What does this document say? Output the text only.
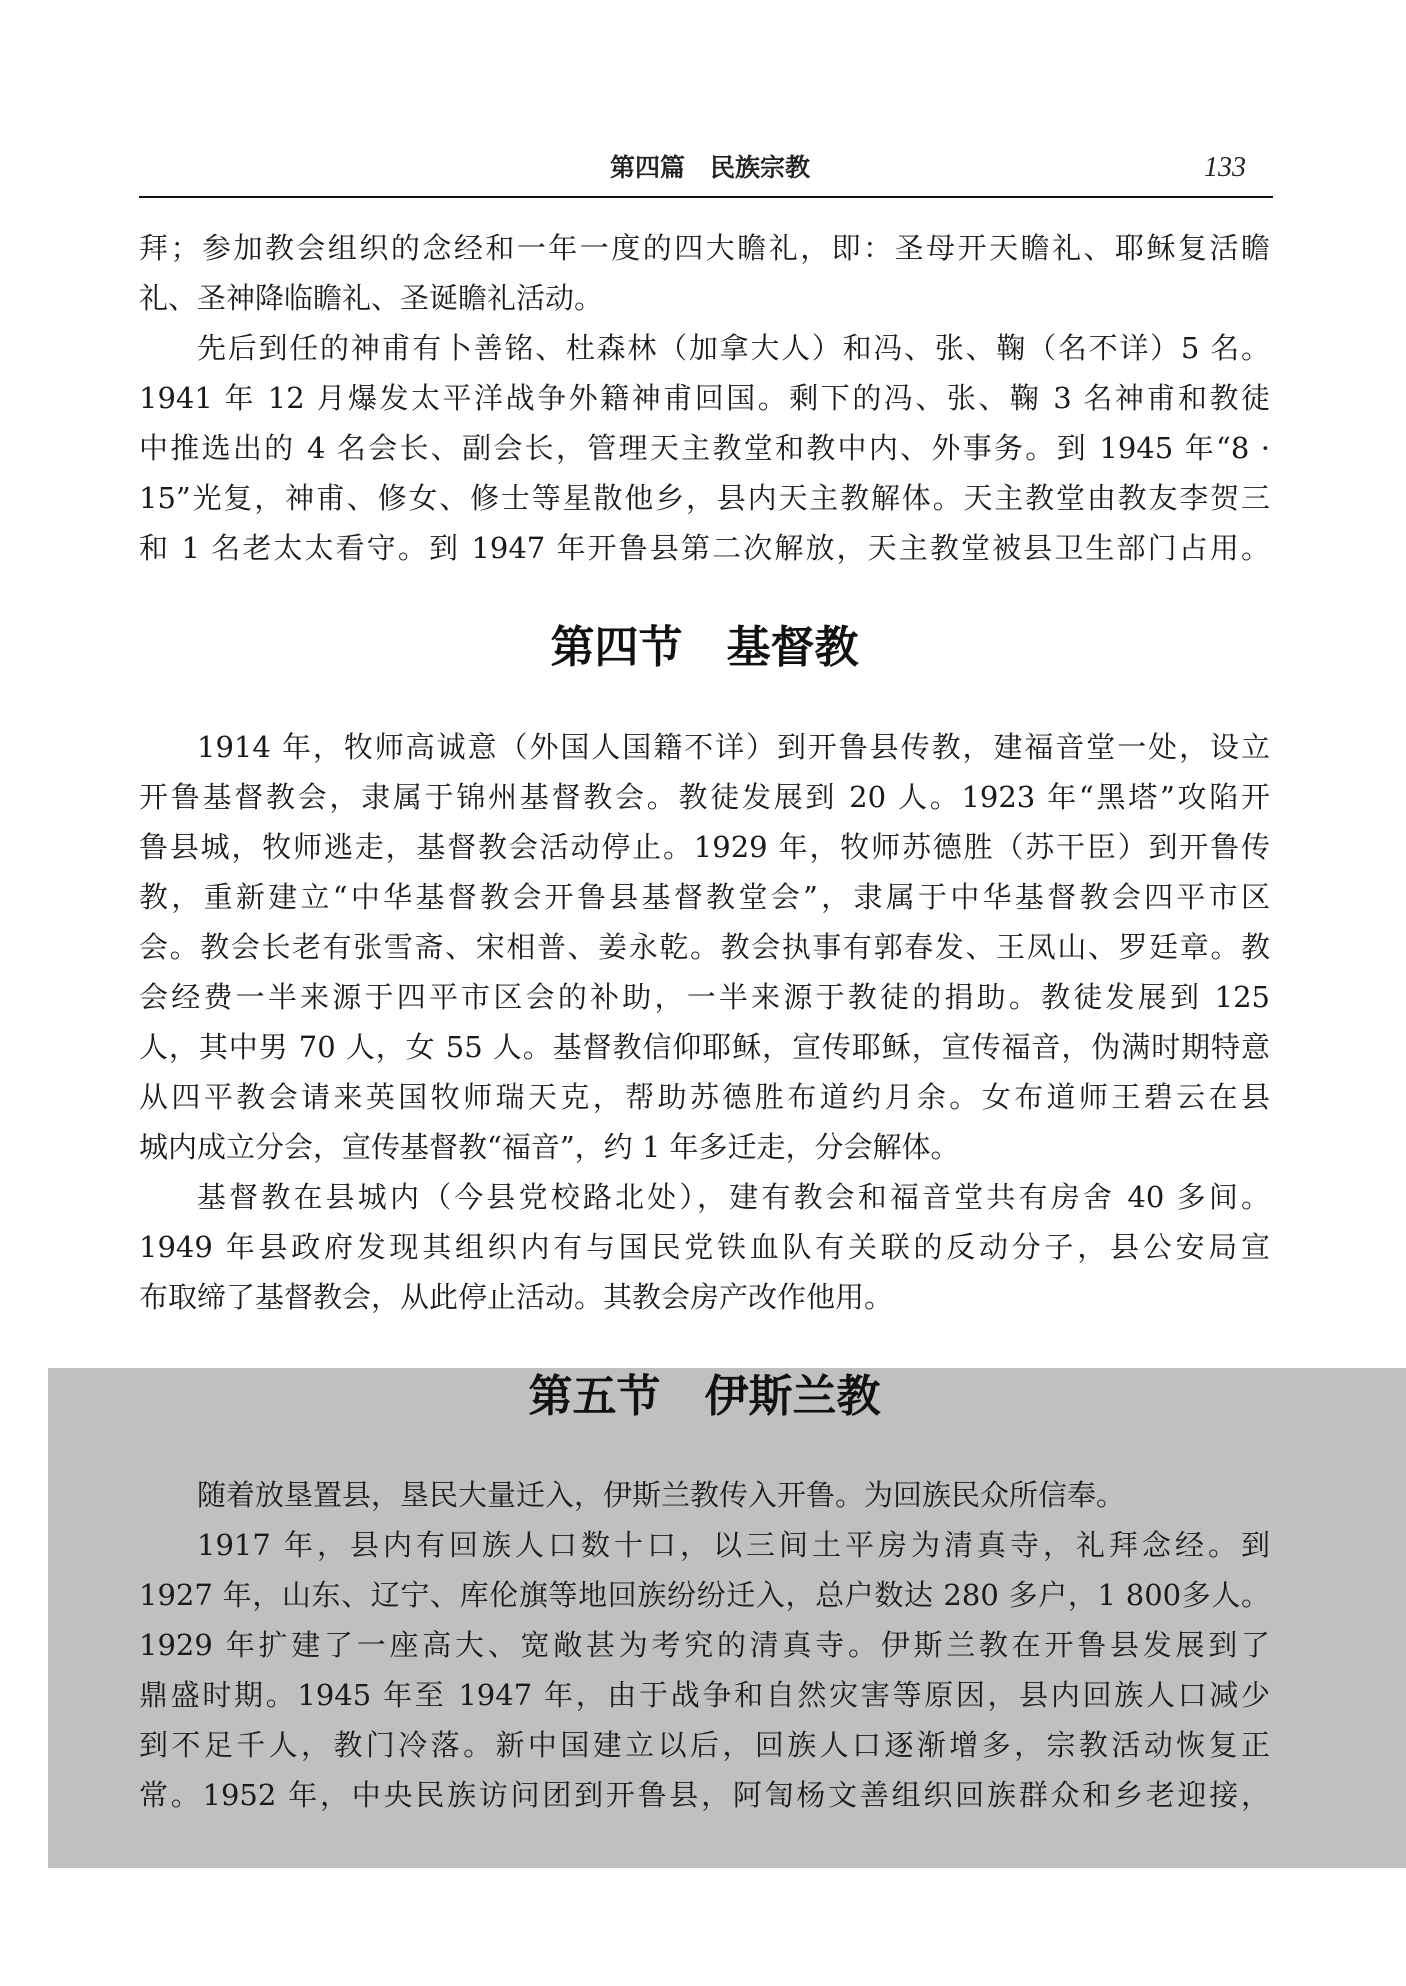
第四篇　民族宗教	133
拜；参加教会组织的念经和一年一度的四大瞻礼，即：圣母开天瞻礼、耶稣复活瞻
礼、圣神降临瞻礼、圣诞瞻礼活动。
先后到任的神甫有卜善铭、杜森林（加拿大人）和冯、张、鞠（名不详）5 名。
1941 年 12 月爆发太平洋战争外籍神甫回国。剩下的冯、张、鞠 3 名神甫和教徒
中推选出的 4 名会长、副会长，管理天主教堂和教中内、外事务。到 1945 年“8 ·
15”光复，神甫、修女、修士等星散他乡，县内天主教解体。天主教堂由教友李贺三
和 1 名老太太看守。到 1947 年开鲁县第二次解放，天主教堂被县卫生部门占用。
第四节　基督教
1914 年，牧师高诚意（外国人国籍不详）到开鲁县传教，建福音堂一处，设立
开鲁基督教会，隶属于锦州基督教会。教徒发展到 20 人。1923 年“黑塔”攻陷开
鲁县城，牧师逃走，基督教会活动停止。1929 年，牧师苏德胜（苏干臣）到开鲁传
教，重新建立“中华基督教会开鲁县基督教堂会”，隶属于中华基督教会四平市区
会。教会长老有张雪斋、宋相普、姜永乾。教会执事有郭春发、王凤山、罗廷章。教
会经费一半来源于四平市区会的补助，一半来源于教徒的捐助。教徒发展到 125
人，其中男 70 人，女 55 人。基督教信仰耶稣，宣传耶稣，宣传福音，伪满时期特意
从四平教会请来英国牧师瑞天克，帮助苏德胜布道约月余。女布道师王碧云在县
城内成立分会，宣传基督教“福音”，约 1 年多迁走，分会解体。
基督教在县城内（今县党校路北处），建有教会和福音堂共有房舍 40 多间。
1949 年县政府发现其组织内有与国民党铁血队有关联的反动分子，县公安局宣
布取缔了基督教会，从此停止活动。其教会房产改作他用。
第五节　伊斯兰教
随着放垦置县，垦民大量迁入，伊斯兰教传入开鲁。为回族民众所信奉。
1917 年，县内有回族人口数十口，以三间土平房为清真寺，礼拜念经。到
1927 年，山东、辽宁、库伦旗等地回族纷纷迁入，总户数达 280 多户，1 800多人。
1929 年扩建了一座高大、宽敞甚为考究的清真寺。伊斯兰教在开鲁县发展到了
鼎盛时期。1945 年至 1947 年，由于战争和自然灾害等原因，县内回族人口减少
到不足千人，教门冷落。新中国建立以后，回族人口逐渐增多，宗教活动恢复正
常。1952 年，中央民族访问团到开鲁县，阿訇杨文善组织回族群众和乡老迎接，
